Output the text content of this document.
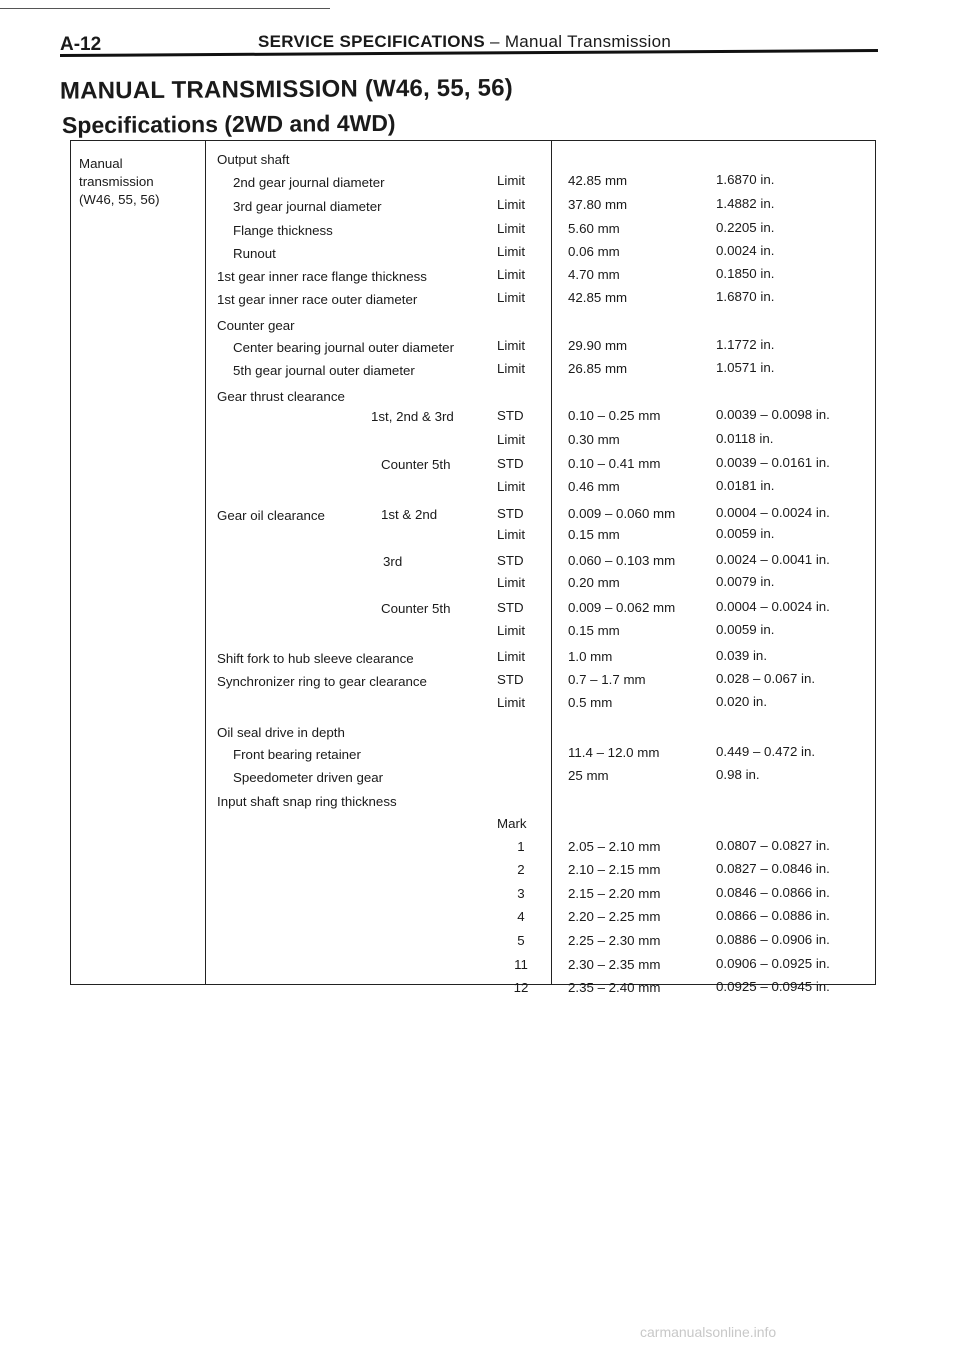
A-12	SERVICE SPECIFICATIONS – Manual Transmission
MANUAL TRANSMISSION (W46, 55, 56)
Specifications (2WD and 4WD)
Manual
transmission
(W46, 55, 56)
Output shaft
2nd gear journal diameter	Limit	42.85 mm	1.6870 in.
3rd gear journal diameter	Limit	37.80 mm	1.4882 in.
Flange thickness	Limit	5.60 mm	0.2205 in.
Runout	Limit	0.06 mm	0.0024 in.
1st gear inner race flange thickness	Limit	4.70 mm	0.1850 in.
1st gear inner race outer diameter	Limit	42.85 mm	1.6870 in.
Counter gear
Center bearing journal outer diameter	Limit	29.90 mm	1.1772 in.
5th gear journal outer diameter	Limit	26.85 mm	1.0571 in.
Gear thrust clearance
1st, 2nd & 3rd	STD	0.10 – 0.25 mm	0.0039 – 0.0098 in.
Limit	0.30 mm	0.0118 in.
Counter 5th	STD	0.10 – 0.41 mm	0.0039 – 0.0161 in.
Limit	0.46 mm	0.0181 in.
Gear oil clearance	1st & 2nd	STD	0.009 – 0.060 mm	0.0004 – 0.0024 in.
Limit	0.15 mm	0.0059 in.
3rd	STD	0.060 – 0.103 mm	0.0024 – 0.0041 in.
Limit	0.20 mm	0.0079 in.
Counter 5th	STD	0.009 – 0.062 mm	0.0004 – 0.0024 in.
Limit	0.15 mm	0.0059 in.
Shift fork to hub sleeve clearance	Limit	1.0 mm	0.039 in.
Synchronizer ring to gear clearance	STD	0.7 – 1.7 mm	0.028 – 0.067 in.
Limit	0.5 mm	0.020 in.
Oil seal drive in depth
Front bearing retainer	11.4 – 12.0 mm	0.449 – 0.472 in.
Speedometer driven gear	25 mm	0.98 in.
Input shaft snap ring thickness
Mark
1	2.05 – 2.10 mm	0.0807 – 0.0827 in.
2	2.10 – 2.15 mm	0.0827 – 0.0846 in.
3	2.15 – 2.20 mm	0.0846 – 0.0866 in.
4	2.20 – 2.25 mm	0.0866 – 0.0886 in.
5	2.25 – 2.30 mm	0.0886 – 0.0906 in.
11	2.30 – 2.35 mm	0.0906 – 0.0925 in.
12	2.35 – 2.40 mm	0.0925 – 0.0945 in.
carmanualsonline.info
